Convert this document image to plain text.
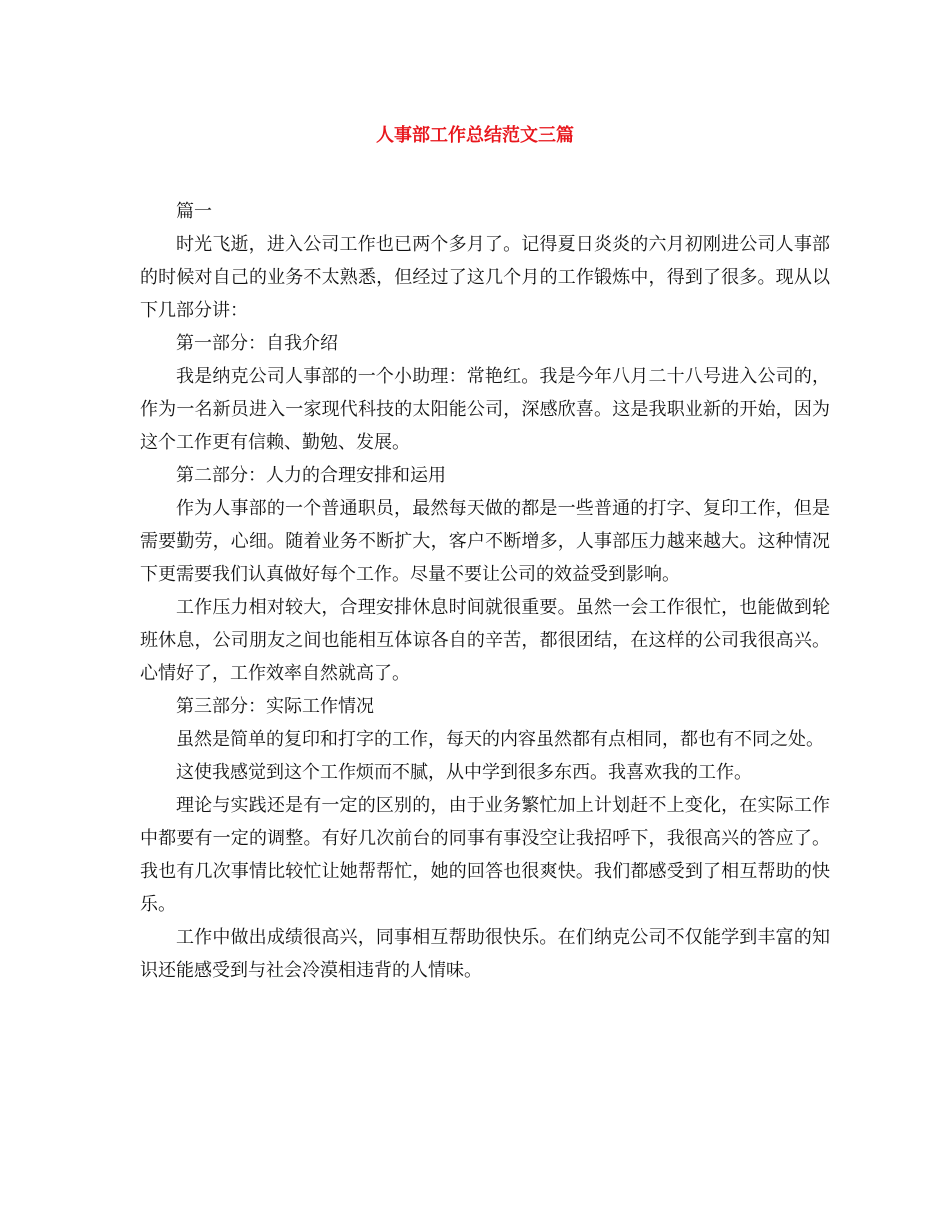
人事部工作总结范文三篇

篇一

时光飞逝，进入公司工作也已两个多月了。记得夏日炎炎的六月初刚进公司人事部的时候对自己的业务不太熟悉，但经过了这几个月的工作锻炼中，得到了很多。现从以下几部分讲：

第一部分：自我介绍

我是纳克公司人事部的一个小助理：常艳红。我是今年八月二十八号进入公司的，作为一名新员进入一家现代科技的太阳能公司，深感欣喜。这是我职业新的开始，因为这个工作更有信赖、勤勉、发展。

第二部分：人力的合理安排和运用

作为人事部的一个普通职员，最然每天做的都是一些普通的打字、复印工作，但是需要勤劳，心细。随着业务不断扩大，客户不断增多，人事部压力越来越大。这种情况下更需要我们认真做好每个工作。尽量不要让公司的效益受到影响。

工作压力相对较大，合理安排休息时间就很重要。虽然一会工作很忙，也能做到轮班休息，公司朋友之间也能相互体谅各自的辛苦，都很团结，在这样的公司我很高兴。心情好了，工作效率自然就高了。

第三部分：实际工作情况

虽然是简单的复印和打字的工作，每天的内容虽然都有点相同，都也有不同之处。

这使我感觉到这个工作烦而不腻，从中学到很多东西。我喜欢我的工作。

理论与实践还是有一定的区别的，由于业务繁忙加上计划赶不上变化，在实际工作中都要有一定的调整。有好几次前台的同事有事没空让我招呼下，我很高兴的答应了。我也有几次事情比较忙让她帮帮忙，她的回答也很爽快。我们都感受到了相互帮助的快乐。

工作中做出成绩很高兴，同事相互帮助很快乐。在们纳克公司不仅能学到丰富的知识还能感受到与社会冷漠相违背的人情味。
